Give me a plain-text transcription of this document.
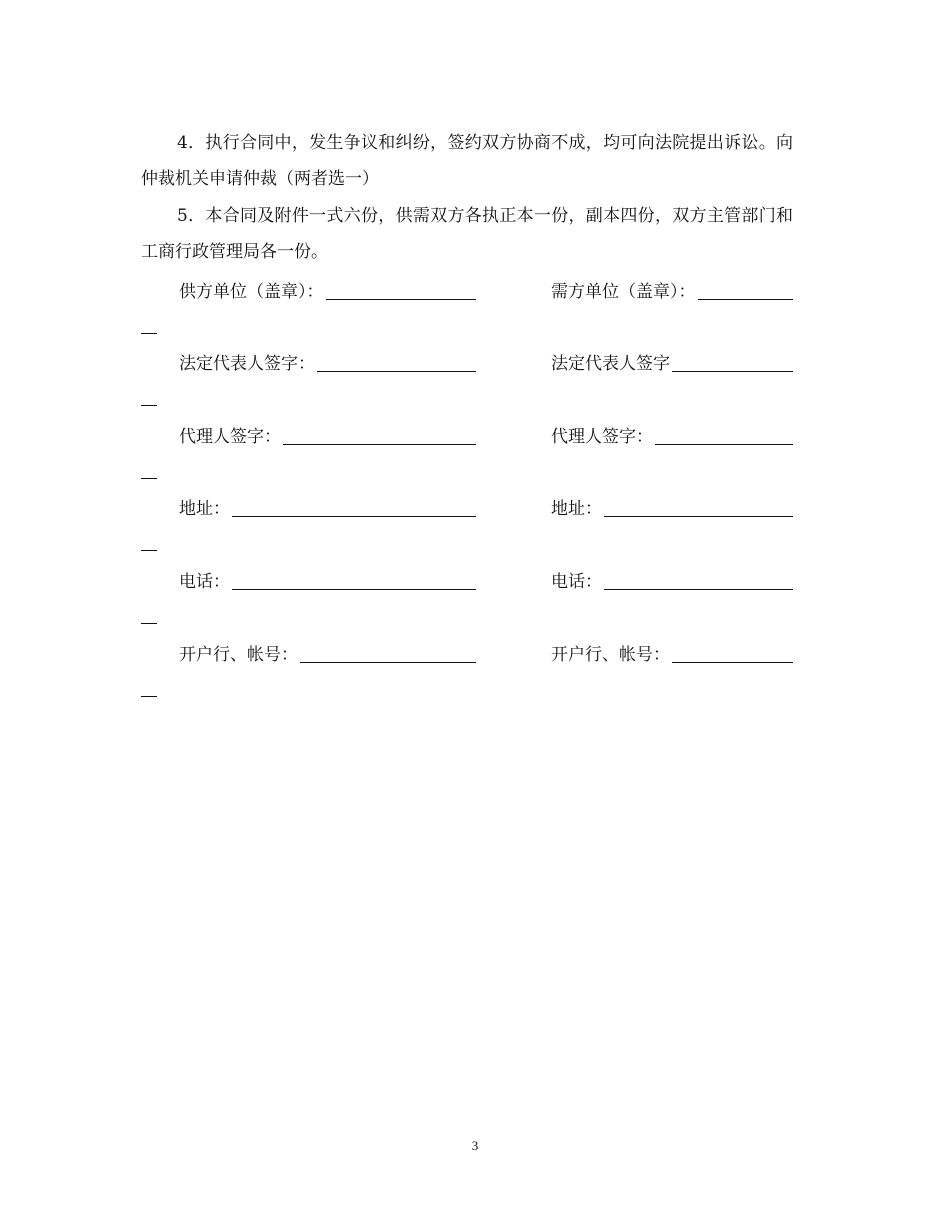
4．执行合同中，发生争议和纠纷，签约双方协商不成，均可向法院提出诉讼。向仲裁机关申请仲裁（两者选一）

5．本合同及附件一式六份，供需双方各执正本一份，副本四份，双方主管部门和工商行政管理局各一份。

供方单位（盖章）：	需方单位（盖章）：
法定代表人签字：	法定代表人签字
代理人签字：	代理人签字：
地址：	地址：
电话：	电话：
开户行、帐号：	开户行、帐号：
3
